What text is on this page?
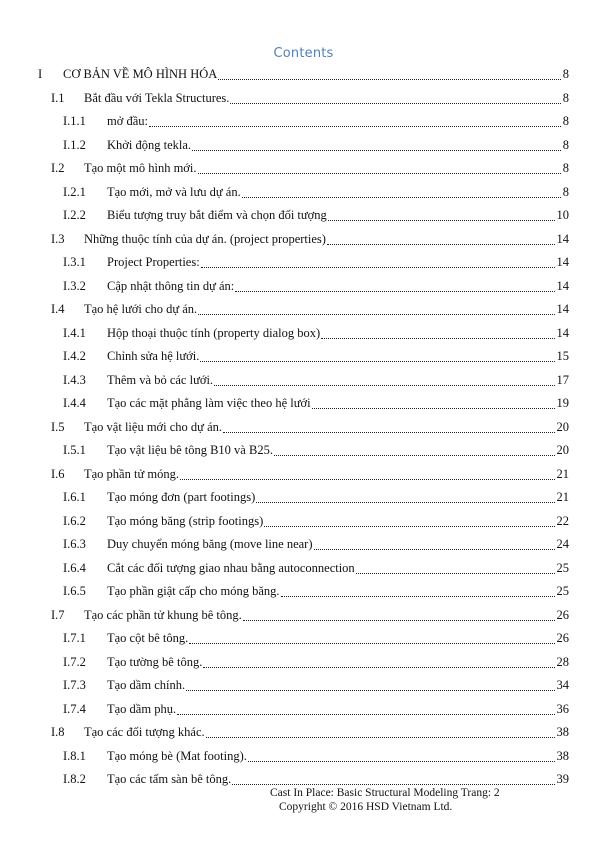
Contents
I CƠ BẢN VỀ MÔ HÌNH HÓA	8
I.1 Bắt đầu với Tekla Structures.	8
I.1.1 mở đầu:	8
I.1.2 Khởi động tekla.	8
I.2 Tạo một mô hình mới.	8
I.2.1 Tạo mới, mở và lưu dự án.	8
I.2.2 Biểu tượng truy bắt điểm và chọn đối tượng	10
I.3 Những thuộc tính của dự án. (project properties)	14
I.3.1 Project Properties:	14
I.3.2 Cập nhật thông tin dự án:	14
I.4 Tạo hệ lưới cho dự án.	14
I.4.1 Hộp thoại thuộc tính (property dialog box)	14
I.4.2 Chỉnh sửa hệ lưới.	15
I.4.3 Thêm và bỏ các lưới.	17
I.4.4 Tạo các mặt phẳng làm việc theo hệ lưới	19
I.5 Tạo vật liệu mới cho dự án.	20
I.5.1 Tạo vật liệu bê tông B10 và B25.	20
I.6 Tạo phần tử móng.	21
I.6.1 Tạo móng đơn (part footings)	21
I.6.2 Tạo móng băng (strip footings)	22
I.6.3 Duy chuyển móng băng (move line near)	24
I.6.4 Cắt các đối tượng giao nhau bằng autoconnection	25
I.6.5 Tạo phần giật cấp cho móng băng.	25
I.7 Tạo các phần tử khung bê tông.	26
I.7.1 Tạo cột bê tông.	26
I.7.2 Tạo tường bê tông.	28
I.7.3 Tạo dầm chính.	34
I.7.4 Tạo dầm phụ.	36
I.8 Tạo các đối tượng khác.	38
I.8.1 Tạo móng bè (Mat footing).	38
I.8.2 Tạo các tấm sàn bê tông.	39
Cast In Place: Basic Structural Modeling Trang: 2
Copyright © 2016 HSD Vietnam Ltd.
